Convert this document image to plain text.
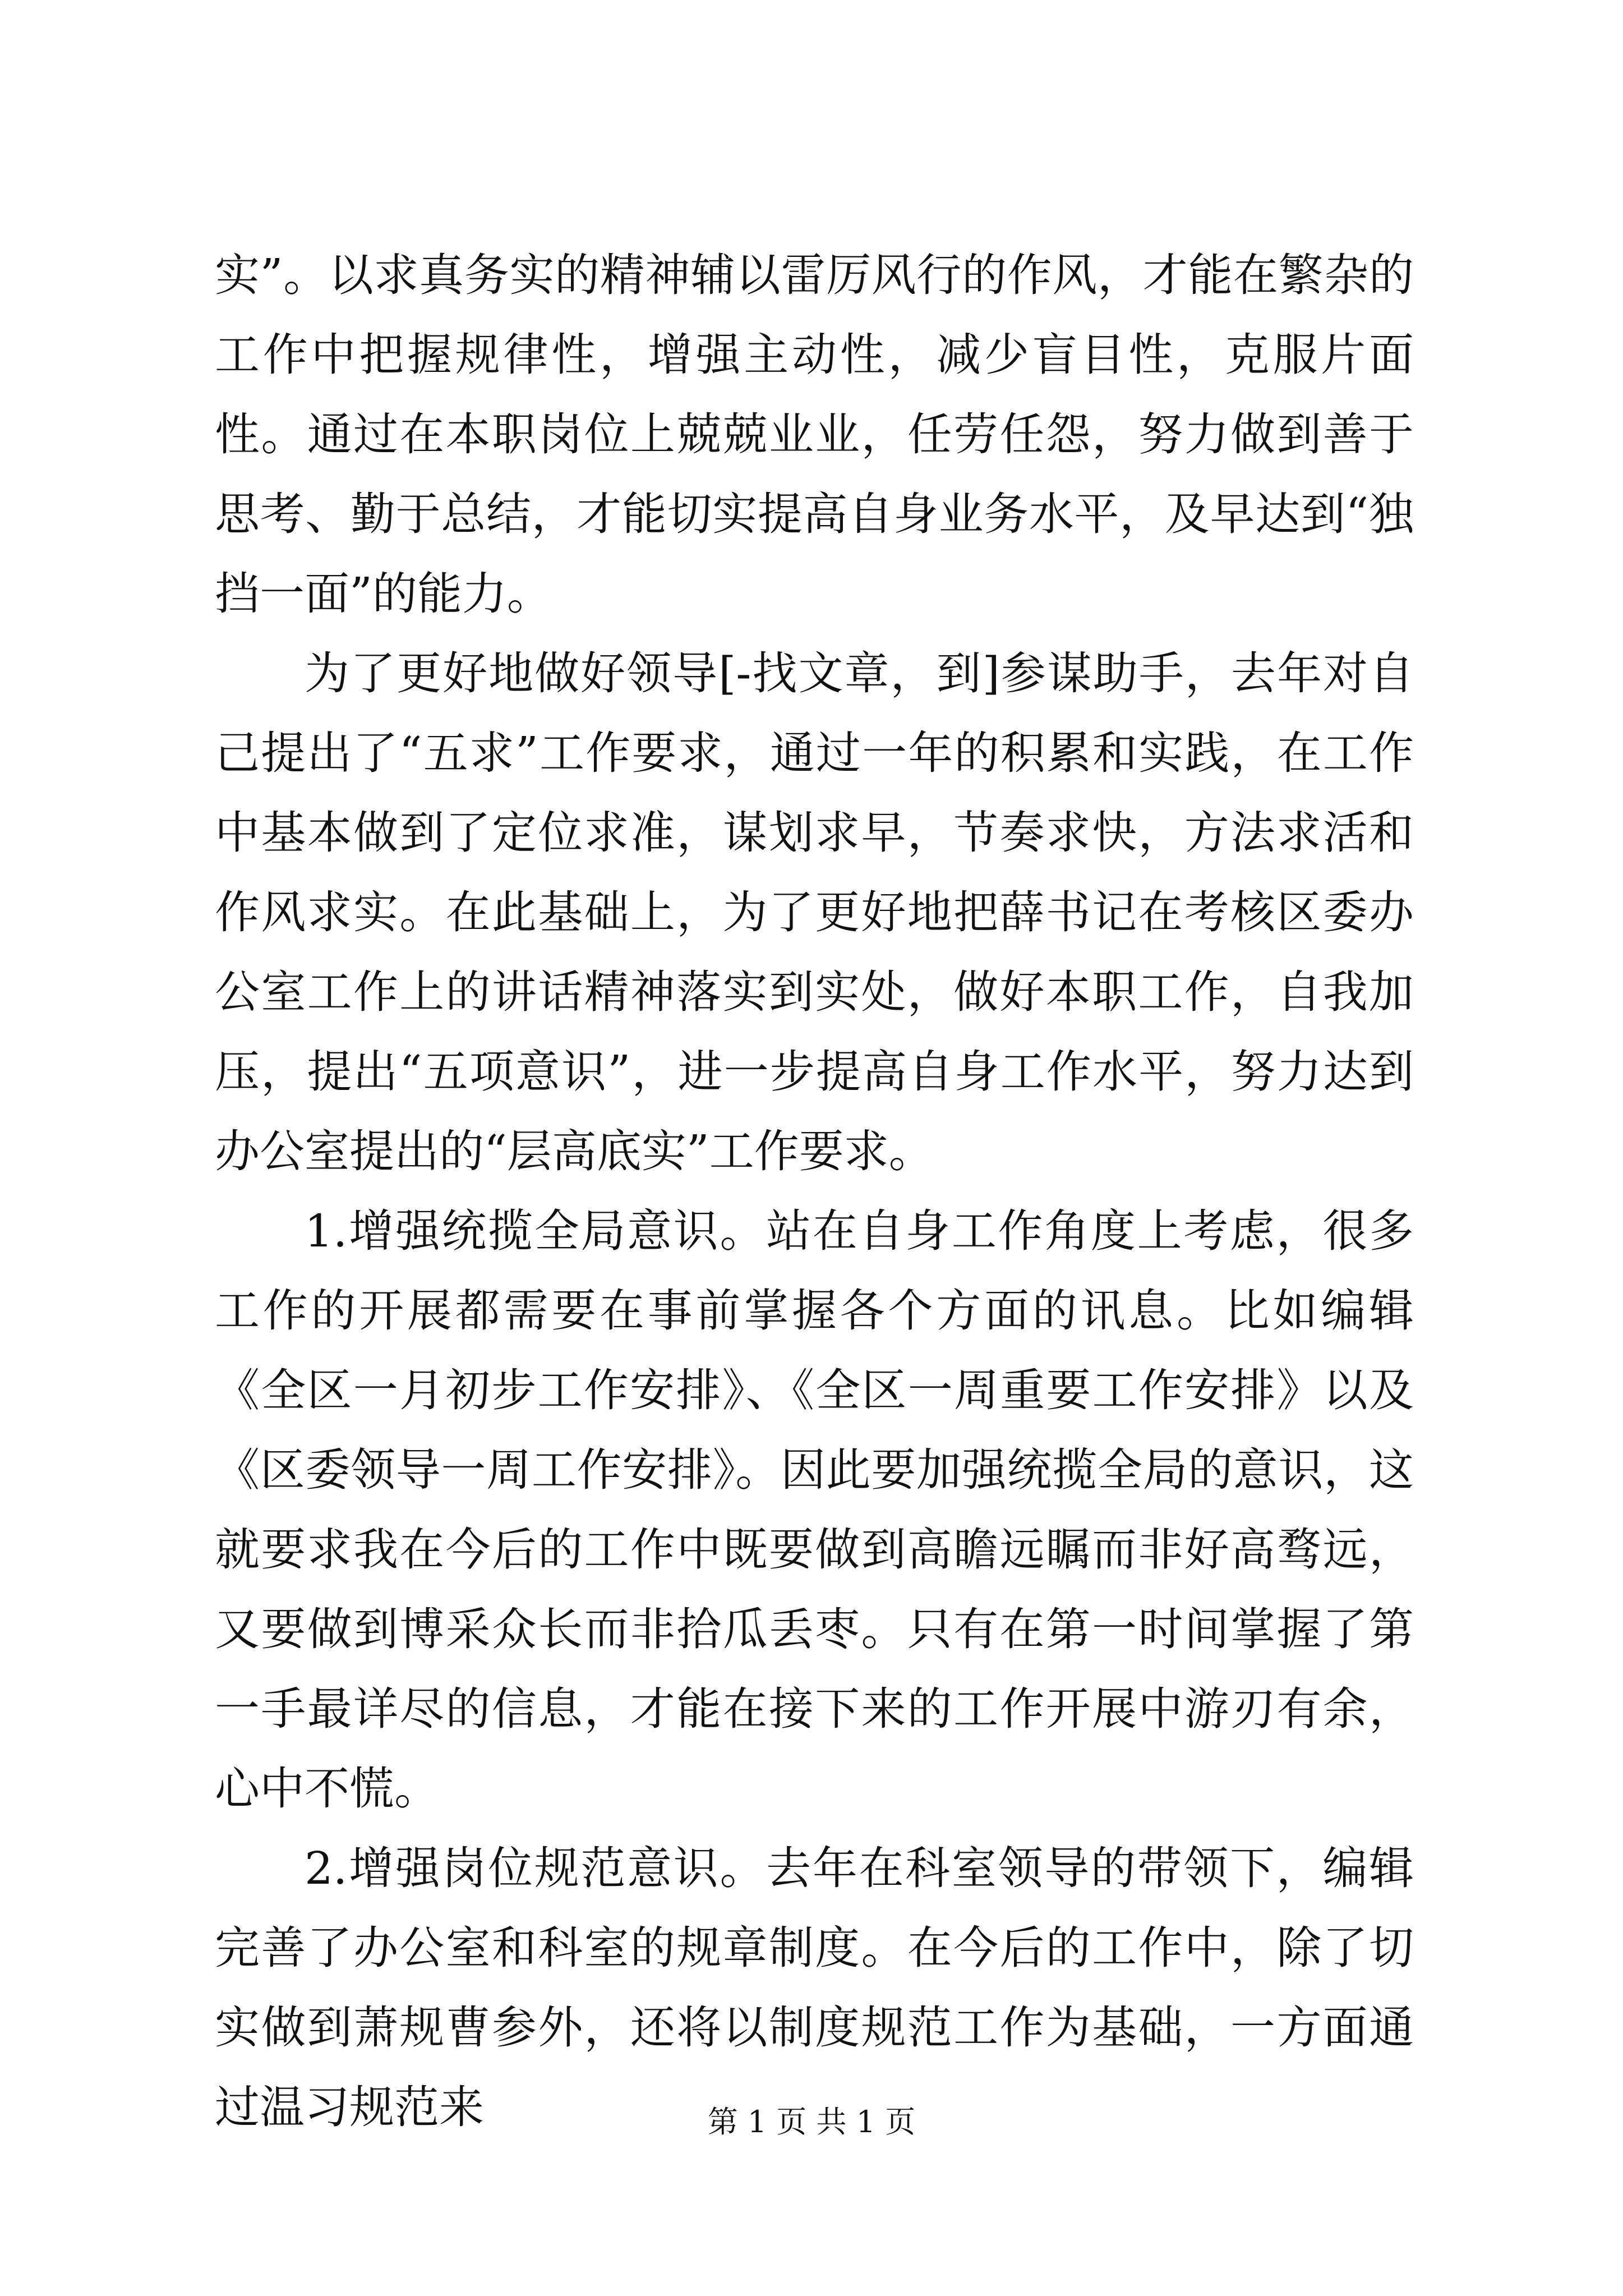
实”。以求真务实的精神辅以雷厉风行的作风，才能在繁杂的工作中把握规律性，增强主动性，减少盲目性，克服片面性。通过在本职岗位上兢兢业业，任劳任怨，努力做到善于思考、勤于总结，才能切实提高自身业务水平，及早达到“独挡一面”的能力。

为了更好地做好领导[-找文章，到]参谋助手，去年对自己提出了“五求”工作要求，通过一年的积累和实践，在工作中基本做到了定位求准，谋划求早，节奏求快，方法求活和作风求实。在此基础上，为了更好地把薛书记在考核区委办公室工作上的讲话精神落实到实处，做好本职工作，自我加压，提出“五项意识”，进一步提高自身工作水平，努力达到办公室提出的“层高底实”工作要求。

1.增强统揽全局意识。站在自身工作角度上考虑，很多工作的开展都需要在事前掌握各个方面的讯息。比如编辑《全区一月初步工作安排》、《全区一周重要工作安排》以及《区委领导一周工作安排》。因此要加强统揽全局的意识，这就要求我在今后的工作中既要做到高瞻远瞩而非好高骛远，又要做到博采众长而非拾瓜丢枣。只有在第一时间掌握了第一手最详尽的信息，才能在接下来的工作开展中游刃有余，心中不慌。

2.增强岗位规范意识。去年在科室领导的带领下，编辑完善了办公室和科室的规章制度。在今后的工作中，除了切实做到萧规曹参外，还将以制度规范工作为基础，一方面通过温习规范来	第 1 页 共 1 页
